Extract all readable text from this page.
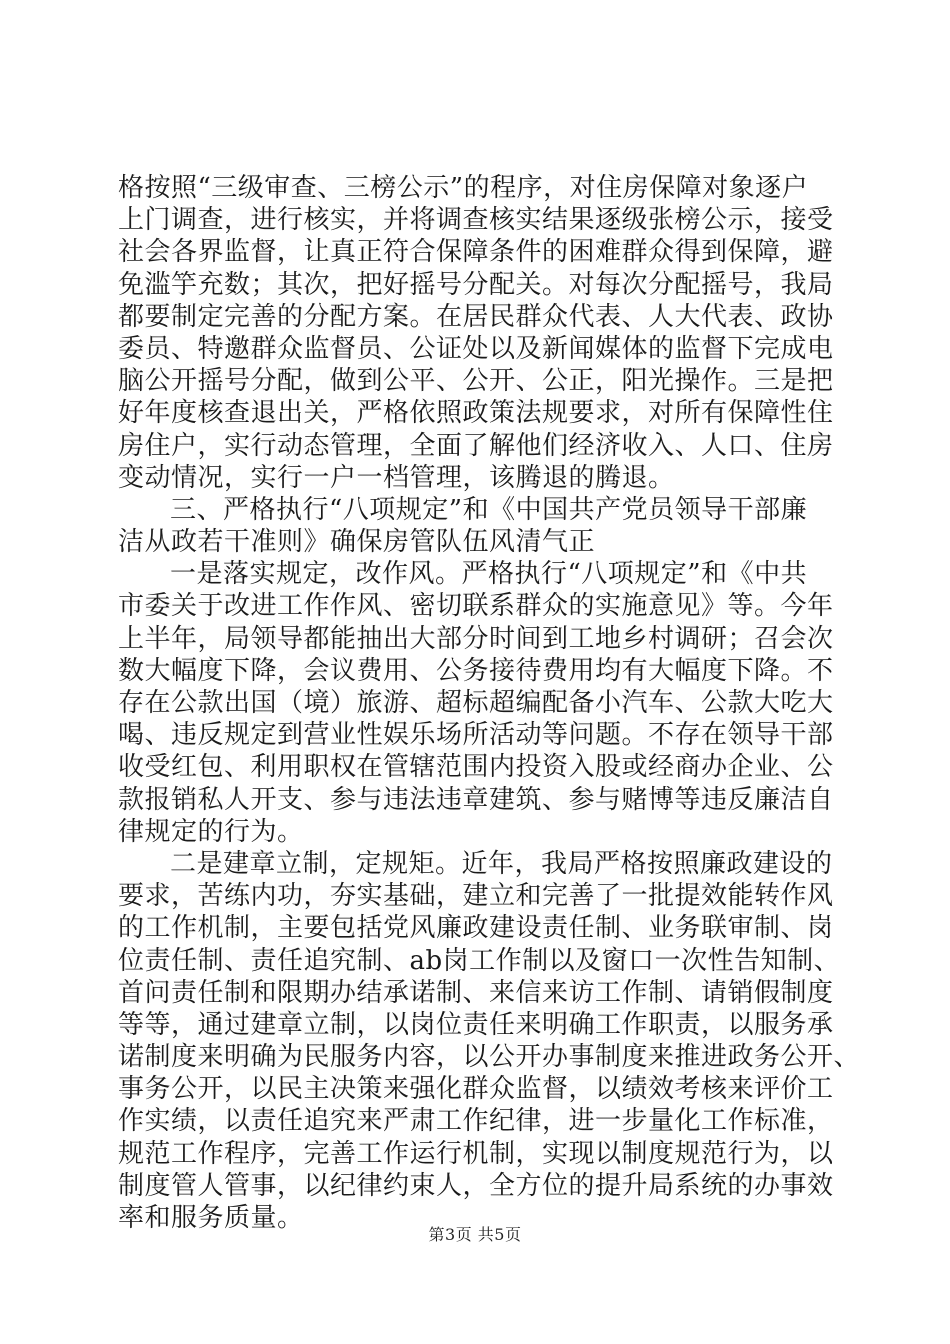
格按照“三级审查、三榜公示”的程序，对住房保障对象逐户
上门调查，进行核实，并将调查核实结果逐级张榜公示，接受
社会各界监督，让真正符合保障条件的困难群众得到保障，避
免滥竽充数；其次，把好摇号分配关。对每次分配摇号，我局
都要制定完善的分配方案。在居民群众代表、人大代表、政协
委员、特邀群众监督员、公证处以及新闻媒体的监督下完成电
脑公开摇号分配，做到公平、公开、公正，阳光操作。三是把
好年度核查退出关，严格依照政策法规要求，对所有保障性住
房住户，实行动态管理，全面了解他们经济收入、人口、住房
变动情况，实行一户一档管理，该腾退的腾退。
三、严格执行“八项规定”和《中国共产党员领导干部廉
洁从政若干准则》确保房管队伍风清气正
一是落实规定，改作风。严格执行“八项规定”和《中共
市委关于改进工作作风、密切联系群众的实施意见》等。今年
上半年，局领导都能抽出大部分时间到工地乡村调研；召会次
数大幅度下降，会议费用、公务接待费用均有大幅度下降。不
存在公款出国（境）旅游、超标超编配备小汽车、公款大吃大
喝、违反规定到营业性娱乐场所活动等问题。不存在领导干部
收受红包、利用职权在管辖范围内投资入股或经商办企业、公
款报销私人开支、参与违法违章建筑、参与赌博等违反廉洁自
律规定的行为。
二是建章立制，定规矩。近年，我局严格按照廉政建设的
要求，苦练内功，夯实基础，建立和完善了一批提效能转作风
的工作机制，主要包括党风廉政建设责任制、业务联审制、岗
位责任制、责任追究制、ab岗工作制以及窗口一次性告知制、
首问责任制和限期办结承诺制、来信来访工作制、请销假制度
等等，通过建章立制，以岗位责任来明确工作职责，以服务承
诺制度来明确为民服务内容，以公开办事制度来推进政务公开、
事务公开，以民主决策来强化群众监督，以绩效考核来评价工
作实绩，以责任追究来严肃工作纪律，进一步量化工作标准，
规范工作程序，完善工作运行机制，实现以制度规范行为，以
制度管人管事，以纪律约束人，全方位的提升局系统的办事效
率和服务质量。
第3页 共5页
